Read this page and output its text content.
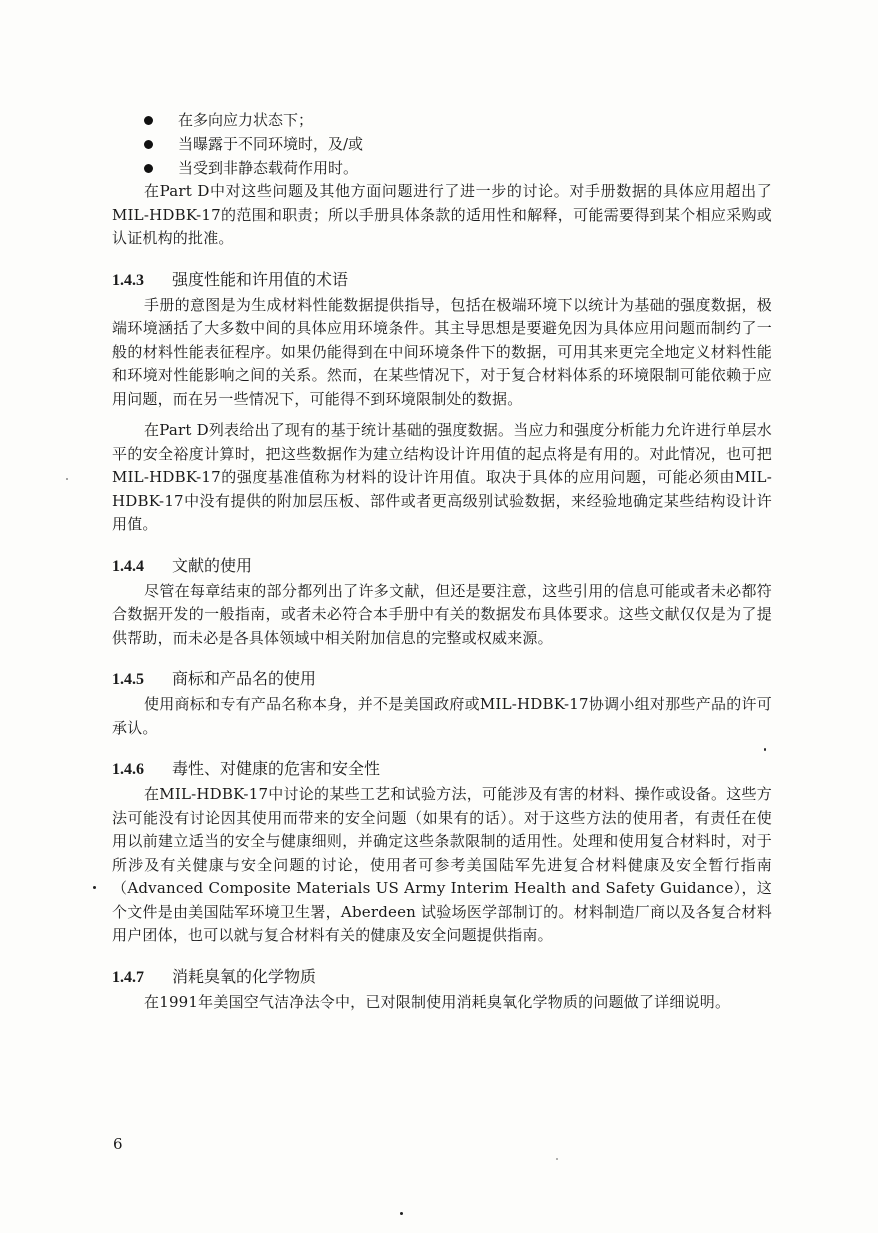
在多向应力状态下；
当曝露于不同环境时，及/或
当受到非静态载荷作用时。

在Part D中对这些问题及其他方面问题进行了进一步的讨论。对手册数据的具体应用超出了MIL-HDBK-17的范围和职责；所以手册具体条款的适用性和解释，可能需要得到某个相应采购或认证机构的批准。

1.4.3 强度性能和许用值的术语

手册的意图是为生成材料性能数据提供指导，包括在极端环境下以统计为基础的强度数据，极端环境涵括了大多数中间的具体应用环境条件。其主导思想是要避免因为具体应用问题而制约了一般的材料性能表征程序。如果仍能得到在中间环境条件下的数据，可用其来更完全地定义材料性能和环境对性能影响之间的关系。然而，在某些情况下，对于复合材料体系的环境限制可能依赖于应用问题，而在另一些情况下，可能得不到环境限制处的数据。

在Part D列表给出了现有的基于统计基础的强度数据。当应力和强度分析能力允许进行单层水平的安全裕度计算时，把这些数据作为建立结构设计许用值的起点将是有用的。对此情况，也可把MIL-HDBK-17的强度基准值称为材料的设计许用值。取决于具体的应用问题，可能必须由MIL-HDBK-17中没有提供的附加层压板、部件或者更高级别试验数据，来经验地确定某些结构设计许用值。

1.4.4 文献的使用

尽管在每章结束的部分都列出了许多文献，但还是要注意，这些引用的信息可能或者未必都符合数据开发的一般指南，或者未必符合本手册中有关的数据发布具体要求。这些文献仅仅是为了提供帮助，而未必是各具体领域中相关附加信息的完整或权威来源。

1.4.5 商标和产品名的使用

使用商标和专有产品名称本身，并不是美国政府或MIL-HDBK-17协调小组对那些产品的许可承认。

1.4.6 毒性、对健康的危害和安全性

在MIL-HDBK-17中讨论的某些工艺和试验方法，可能涉及有害的材料、操作或设备。这些方法可能没有讨论因其使用而带来的安全问题（如果有的话）。对于这些方法的使用者，有责任在使用以前建立适当的安全与健康细则，并确定这些条款限制的适用性。处理和使用复合材料时，对于所涉及有关健康与安全问题的讨论，使用者可参考美国陆军先进复合材料健康及安全暂行指南（Advanced Composite Materials US Army Interim Health and Safety Guidance），这个文件是由美国陆军环境卫生署，Aberdeen 试验场医学部制订的。材料制造厂商以及各复合材料用户团体，也可以就与复合材料有关的健康及安全问题提供指南。

1.4.7 消耗臭氧的化学物质

在1991年美国空气洁净法令中，已对限制使用消耗臭氧化学物质的问题做了详细说明。

6
